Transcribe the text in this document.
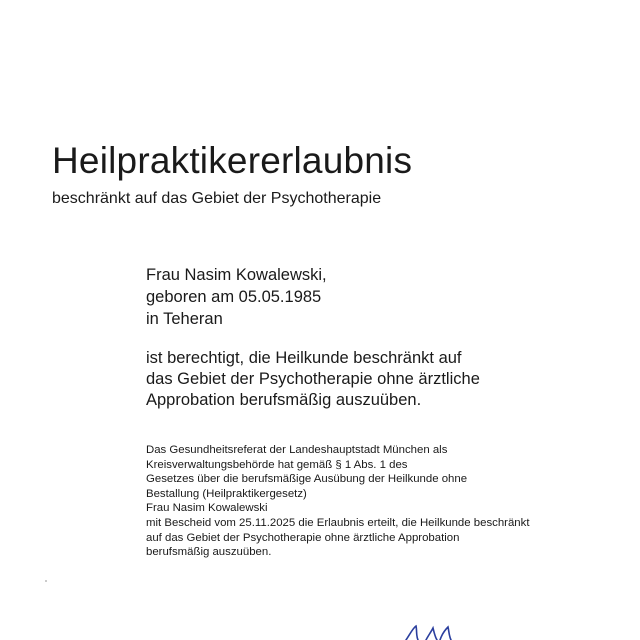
Heilpraktikererlaubnis

beschränkt auf das Gebiet der Psychotherapie

Frau Nasim Kowalewski,
geboren am 05.05.1985
in Teheran
ist berechtigt, die Heilkunde beschränkt auf
das Gebiet der Psychotherapie ohne ärztliche
Approbation berufsmäßig auszuüben.
Das Gesundheitsreferat der Landeshauptstadt München als
Kreisverwaltungsbehörde hat gemäß § 1 Abs. 1 des
Gesetzes über die berufsmäßige Ausübung der Heilkunde ohne
Bestallung (Heilpraktikergesetz)
Frau Nasim Kowalewski
mit Bescheid vom 25.11.2025 die Erlaubnis erteilt, die Heilkunde beschränkt
auf das Gebiet der Psychotherapie ohne ärztliche Approbation
berufsmäßig auszuüben.
